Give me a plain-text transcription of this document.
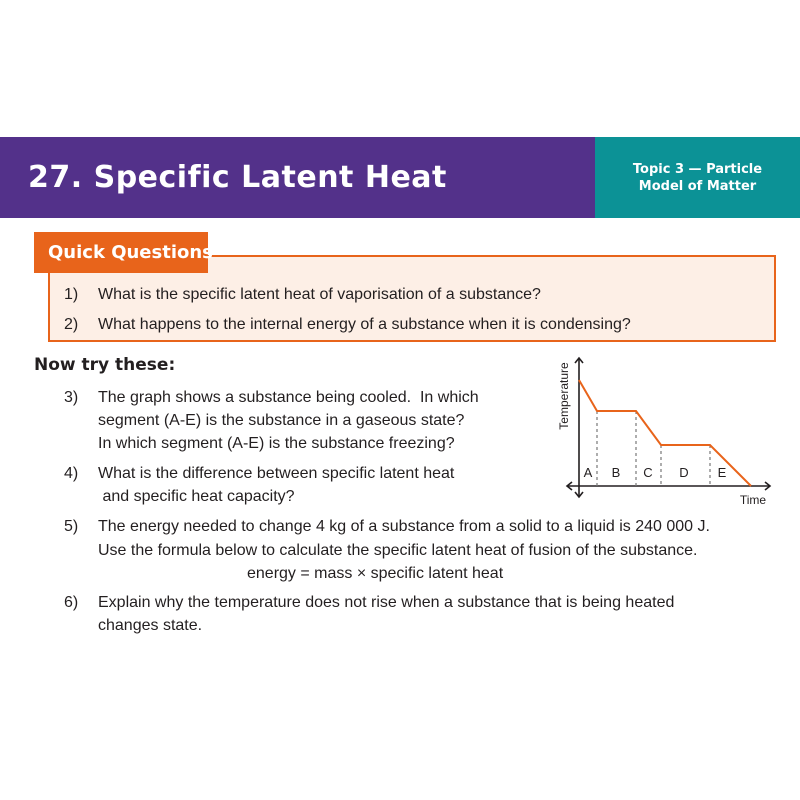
27. Specific Latent Heat	Topic 3 — Particle
Model of Matter
Quick Questions
1) What is the specific latent heat of vaporisation of a substance?
2) What happens to the internal energy of a substance when it is condensing?
Now try these:
3) The graph shows a substance being cooled.  In which
segment (A-E) is the substance in a gaseous state?
In which segment (A-E) is the substance freezing?
4) What is the difference between specific latent heat
and specific heat capacity?
5) The energy needed to change 4 kg of a substance from a solid to a liquid is 240 000 J.
Use the formula below to calculate the specific latent heat of fusion of the substance.
energy = mass × specific latent heat
6) Explain why the temperature does not rise when a substance that is being heated
changes state.
A B C D E
Time
Temperature
